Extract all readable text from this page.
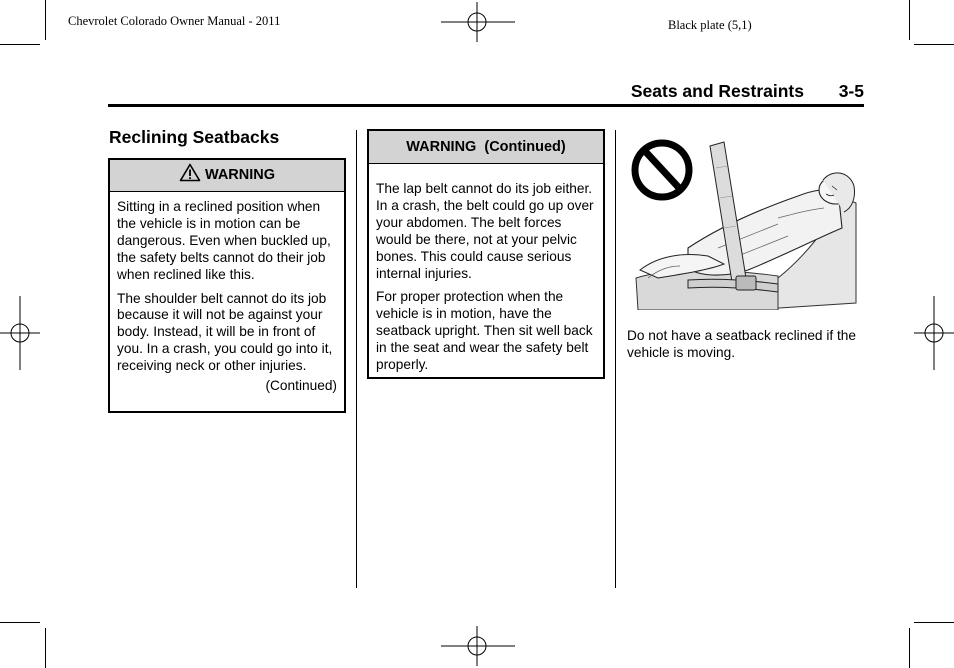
Chevrolet Colorado Owner Manual - 2011	Black plate (5,1)
Seats and Restraints 3-5
Reclining Seatbacks
WARNING

Sitting in a reclined position when the vehicle is in motion can be dangerous. Even when buckled up, the safety belts cannot do their job when reclined like this.

The shoulder belt cannot do its job because it will not be against your body. Instead, it will be in front of you. In a crash, you could go into it, receiving neck or other injuries.

(Continued)
WARNING  (Continued)

The lap belt cannot do its job either. In a crash, the belt could go up over your abdomen. The belt forces would be there, not at your pelvic bones. This could cause serious internal injuries.

For proper protection when the vehicle is in motion, have the seatback upright. Then sit well back in the seat and wear the safety belt properly.

Do not have a seatback reclined if the vehicle is moving.
